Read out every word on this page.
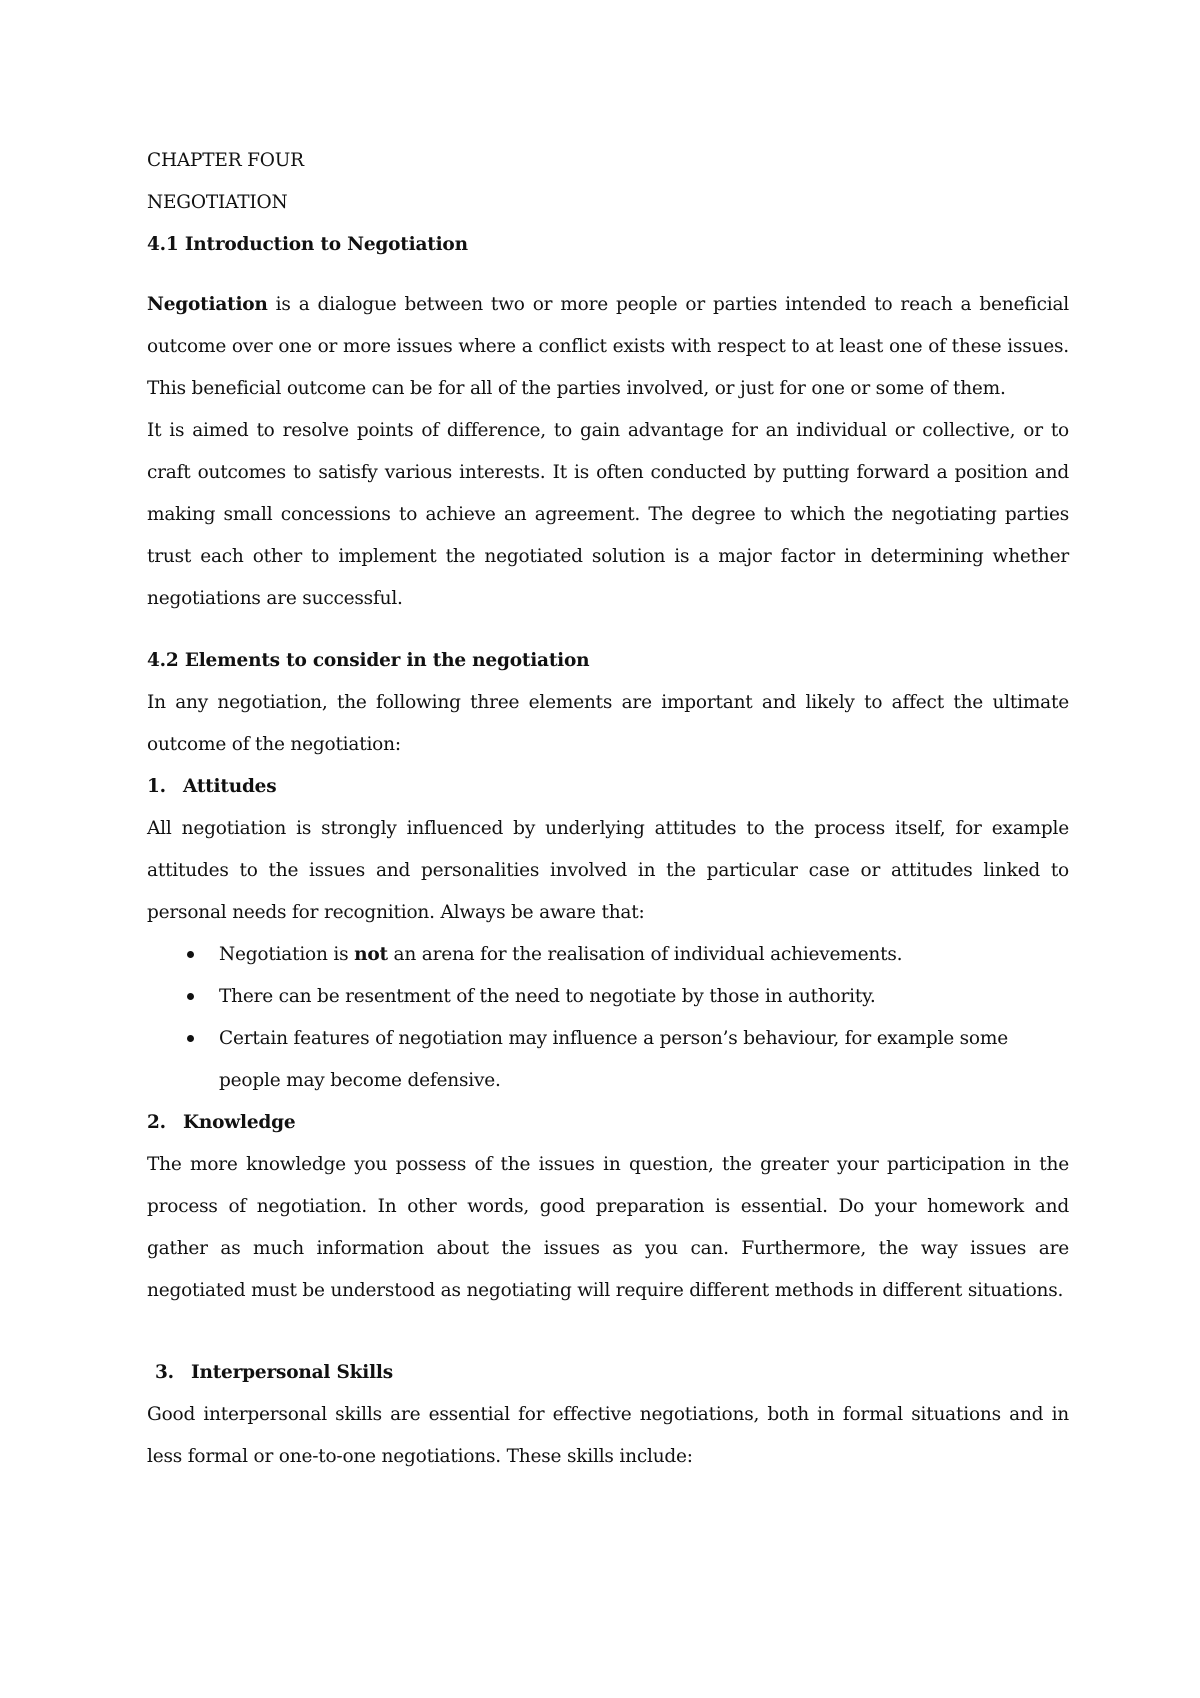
CHAPTER FOUR
NEGOTIATION
4.1 Introduction to Negotiation

Negotiation is a dialogue between two or more people or parties intended to reach a beneficial outcome over one or more issues where a conflict exists with respect to at least one of these issues. This beneficial outcome can be for all of the parties involved, or just for one or some of them.

It is aimed to resolve points of difference, to gain advantage for an individual or collective, or to craft outcomes to satisfy various interests. It is often conducted by putting forward a position and making small concessions to achieve an agreement. The degree to which the negotiating parties trust each other to implement the negotiated solution is a major factor in determining whether negotiations are successful.

4.2 Elements to consider in the negotiation

In any negotiation, the following three elements are important and likely to affect the ultimate outcome of the negotiation:

1. Attitudes

All negotiation is strongly influenced by underlying attitudes to the process itself, for example attitudes to the issues and personalities involved in the particular case or attitudes linked to personal needs for recognition. Always be aware that:

Negotiation is not an arena for the realisation of individual achievements.
There can be resentment of the need to negotiate by those in authority.
Certain features of negotiation may influence a person’s behaviour, for example some people may become defensive.
2. Knowledge

The more knowledge you possess of the issues in question, the greater your participation in the process of negotiation. In other words, good preparation is essential. Do your homework and gather as much information about the issues as you can. Furthermore, the way issues are negotiated must be understood as negotiating will require different methods in different situations.

3. Interpersonal Skills

Good interpersonal skills are essential for effective negotiations, both in formal situations and in less formal or one-to-one negotiations. These skills include:
